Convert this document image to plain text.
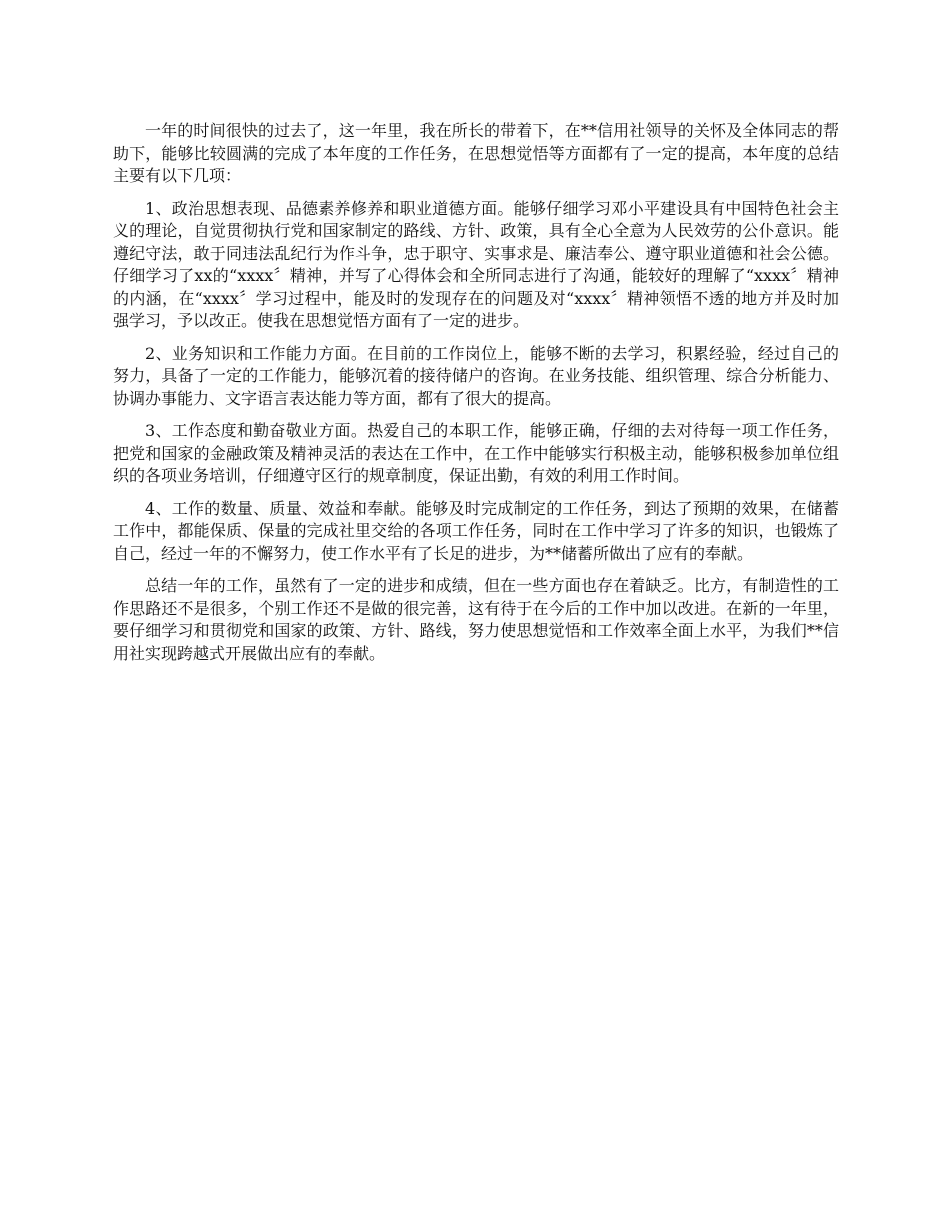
一年的时间很快的过去了，这一年里，我在所长的带着下，在**信用社领导的关怀及全体同志的帮助下，能够比较圆满的完成了本年度的工作任务，在思想觉悟等方面都有了一定的提高，本年度的总结主要有以下几项：

1、政治思想表现、品德素养修养和职业道德方面。能够仔细学习邓小平建设具有中国特色社会主义的理论，自觉贯彻执行党和国家制定的路线、方针、政策，具有全心全意为人民效劳的公仆意识。能遵纪守法，敢于同违法乱纪行为作斗争，忠于职守、实事求是、廉洁奉公、遵守职业道德和社会公德。仔细学习了xx的“xxxx〞精神，并写了心得体会和全所同志进行了沟通，能较好的理解了“xxxx〞精神的内涵，在“xxxx〞学习过程中，能及时的发现存在的问题及对“xxxx〞精神领悟不透的地方并及时加强学习，予以改正。使我在思想觉悟方面有了一定的进步。

2、业务知识和工作能力方面。在目前的工作岗位上，能够不断的去学习，积累经验，经过自己的努力，具备了一定的工作能力，能够沉着的接待储户的咨询。在业务技能、组织管理、综合分析能力、协调办事能力、文字语言表达能力等方面，都有了很大的提高。

3、工作态度和勤奋敬业方面。热爱自己的本职工作，能够正确，仔细的去对待每一项工作任务，把党和国家的金融政策及精神灵活的表达在工作中，在工作中能够实行积极主动，能够积极参加单位组织的各项业务培训，仔细遵守区行的规章制度，保证出勤，有效的利用工作时间。

4、工作的数量、质量、效益和奉献。能够及时完成制定的工作任务，到达了预期的效果，在储蓄工作中，都能保质、保量的完成社里交给的各项工作任务，同时在工作中学习了许多的知识，也锻炼了自己，经过一年的不懈努力，使工作水平有了长足的进步，为**储蓄所做出了应有的奉献。

总结一年的工作，虽然有了一定的进步和成绩，但在一些方面也存在着缺乏。比方，有制造性的工作思路还不是很多，个别工作还不是做的很完善，这有待于在今后的工作中加以改进。在新的一年里，要仔细学习和贯彻党和国家的政策、方针、路线，努力使思想觉悟和工作效率全面上水平，为我们**信用社实现跨越式开展做出应有的奉献。
